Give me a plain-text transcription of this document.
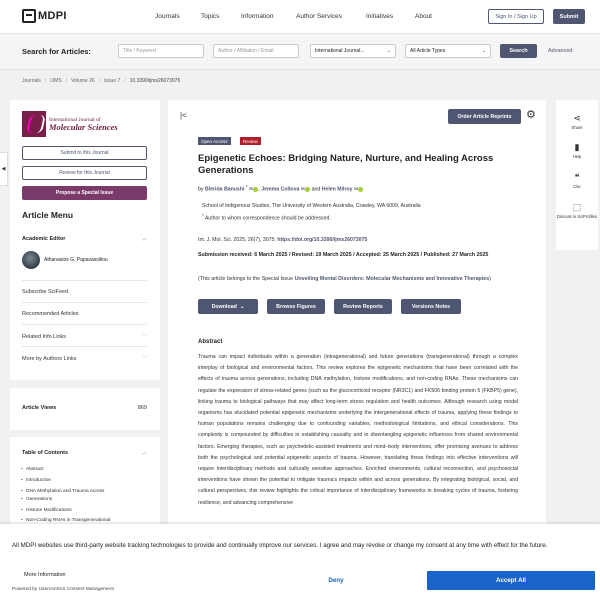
MDPI	Journals	Topics	Information	Author Services	Initiatives	About	Sign In / Sign Up	Submit
Search for Articles:	Title / Keyword	Author / Affiliation / Email	International Journal...	⌄	All Article Types	⌄	Search	Advanced
Journals / IJMS / Volume 26 / Issue 7 / 10.3390/ijms26073075
◀
International Journal of
Molecular Sciences
Submit to this Journal
Review for this Journal
Propose a Special Issue
Article Menu
Academic Editor	︿
Athanasios G. Papavassiliou
Subscribe SciFeed
Recommended Articles
Related Info Links	﹀
More by Authors Links	﹀
Article Views	869
Table of Contents	︿
• Abstract
• Introduction
• DNA Methylation and Trauma Across
• Generations
• Histone Modifications
• Non-Coding RNAs in Transgenerational
|<	Order Article Reprints	⚙
Open Access	Review
Epigenetic Echoes: Bridging Nature, Nurture, and Healing Across Generations
by Blerida Banushi * ✉ , Jemma Collova ✉ and Helen Milroy ✉
School of Indigenous Studies, The University of Western Australia, Crawley, WA 6009, Australia
* Author to whom correspondence should be addressed.
Int. J. Mol. Sci. 2025, 26(7), 3075; https://doi.org/10.3390/ijms26073075
Submission received: 6 March 2025 / Revised: 19 March 2025 / Accepted: 25 March 2025 / Published: 27 March 2025
(This article belongs to the Special Issue Unveiling Mental Disorders: Molecular Mechanisms and Innovative Therapies)
Download ⌄	Browse Figures	Review Reports	Versions Notes
Abstract
Trauma can impact individuals within a generation (intragenerational) and future generations (transgenerational) through a complex interplay of biological and environmental factors. This review explores the epigenetic mechanisms that have been correlated with the effects of trauma across generations, including DNA methylation, histone modifications, and non-coding RNAs. These mechanisms can regulate the expression of stress-related genes (such as the glucocorticoid receptor (NR3C1) and FK506 binding protein 5 (FKBP5) gene), linking trauma to biological pathways that may affect long-term stress regulation and health outcomes. Although research using model organisms has elucidated potential epigenetic mechanisms underlying the intergenerational effects of trauma, applying these findings to human populations remains challenging due to confounding variables, methodological limitations, and ethical considerations. This complexity is compounded by difficulties in establishing causality and in disentangling epigenetic influences from shared environmental factors. Emerging therapies, such as psychedelic-assisted treatments and mind–body interventions, offer promising avenues to address both the psychological and potential epigenetic aspects of trauma. However, translating these findings into effective interventions will require interdisciplinary methods and culturally sensitive approaches. Enriched environments, cultural reconnection, and psychosocial interventions have shown the potential to mitigate trauma's impacts within and across generations. By integrating biological, social, and cultural perspectives, this review highlights the critical importance of interdisciplinary frameworks in breaking cycles of trauma, fostering resilience, and advancing comprehensive
⋖
Share
▮
Help
❝
Cite
⬚
Discuss in SciProfiles
All MDPI websites use third-party website tracking technologies to provide and continually improve our services. I agree and may revoke or change my consent at any time with effect for the future.
More Information
Powered by Usercentrics Consent Management
Deny	Accept All
